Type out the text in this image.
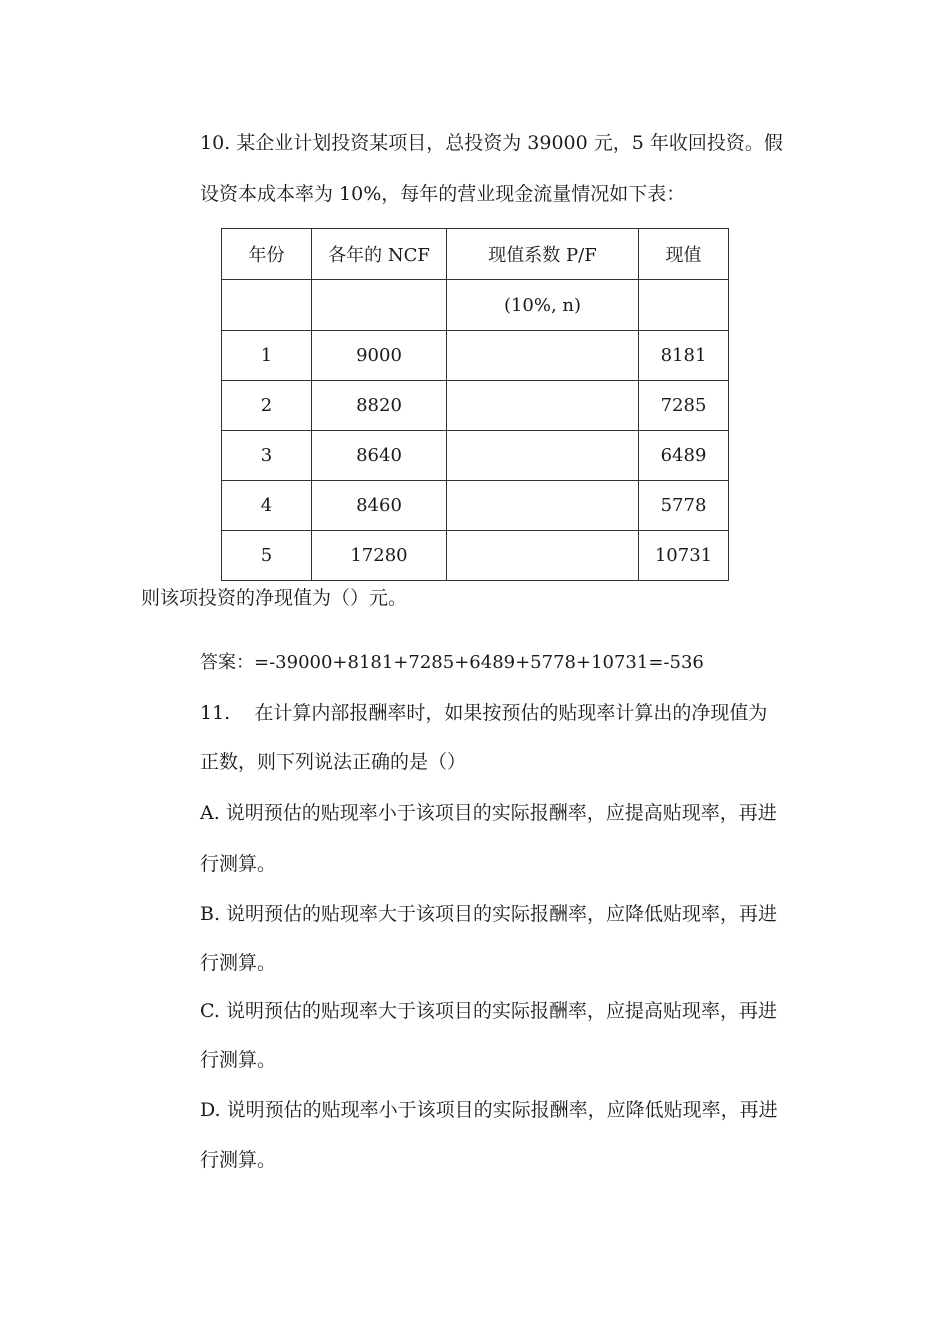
10. 某企业计划投资某项目，总投资为 39000 元，5 年收回投资。假
设资本成本率为 10%，每年的营业现金流量情况如下表：
年份	各年的 NCF	现值系数 P/F	现值
		(10%, n)	
1	9000		8181
2	8820		7285
3	8640		6489
4	8460		5778
5	17280		10731
则该项投资的净现值为（）元。
答案：=-39000+8181+7285+6489+5778+10731=-536
11.    在计算内部报酬率时，如果按预估的贴现率计算出的净现值为
正数，则下列说法正确的是（）
A. 说明预估的贴现率小于该项目的实际报酬率，应提高贴现率，再进
行测算。
B. 说明预估的贴现率大于该项目的实际报酬率，应降低贴现率，再进
行测算。
C. 说明预估的贴现率大于该项目的实际报酬率，应提高贴现率，再进
行测算。
D. 说明预估的贴现率小于该项目的实际报酬率，应降低贴现率，再进
行测算。
